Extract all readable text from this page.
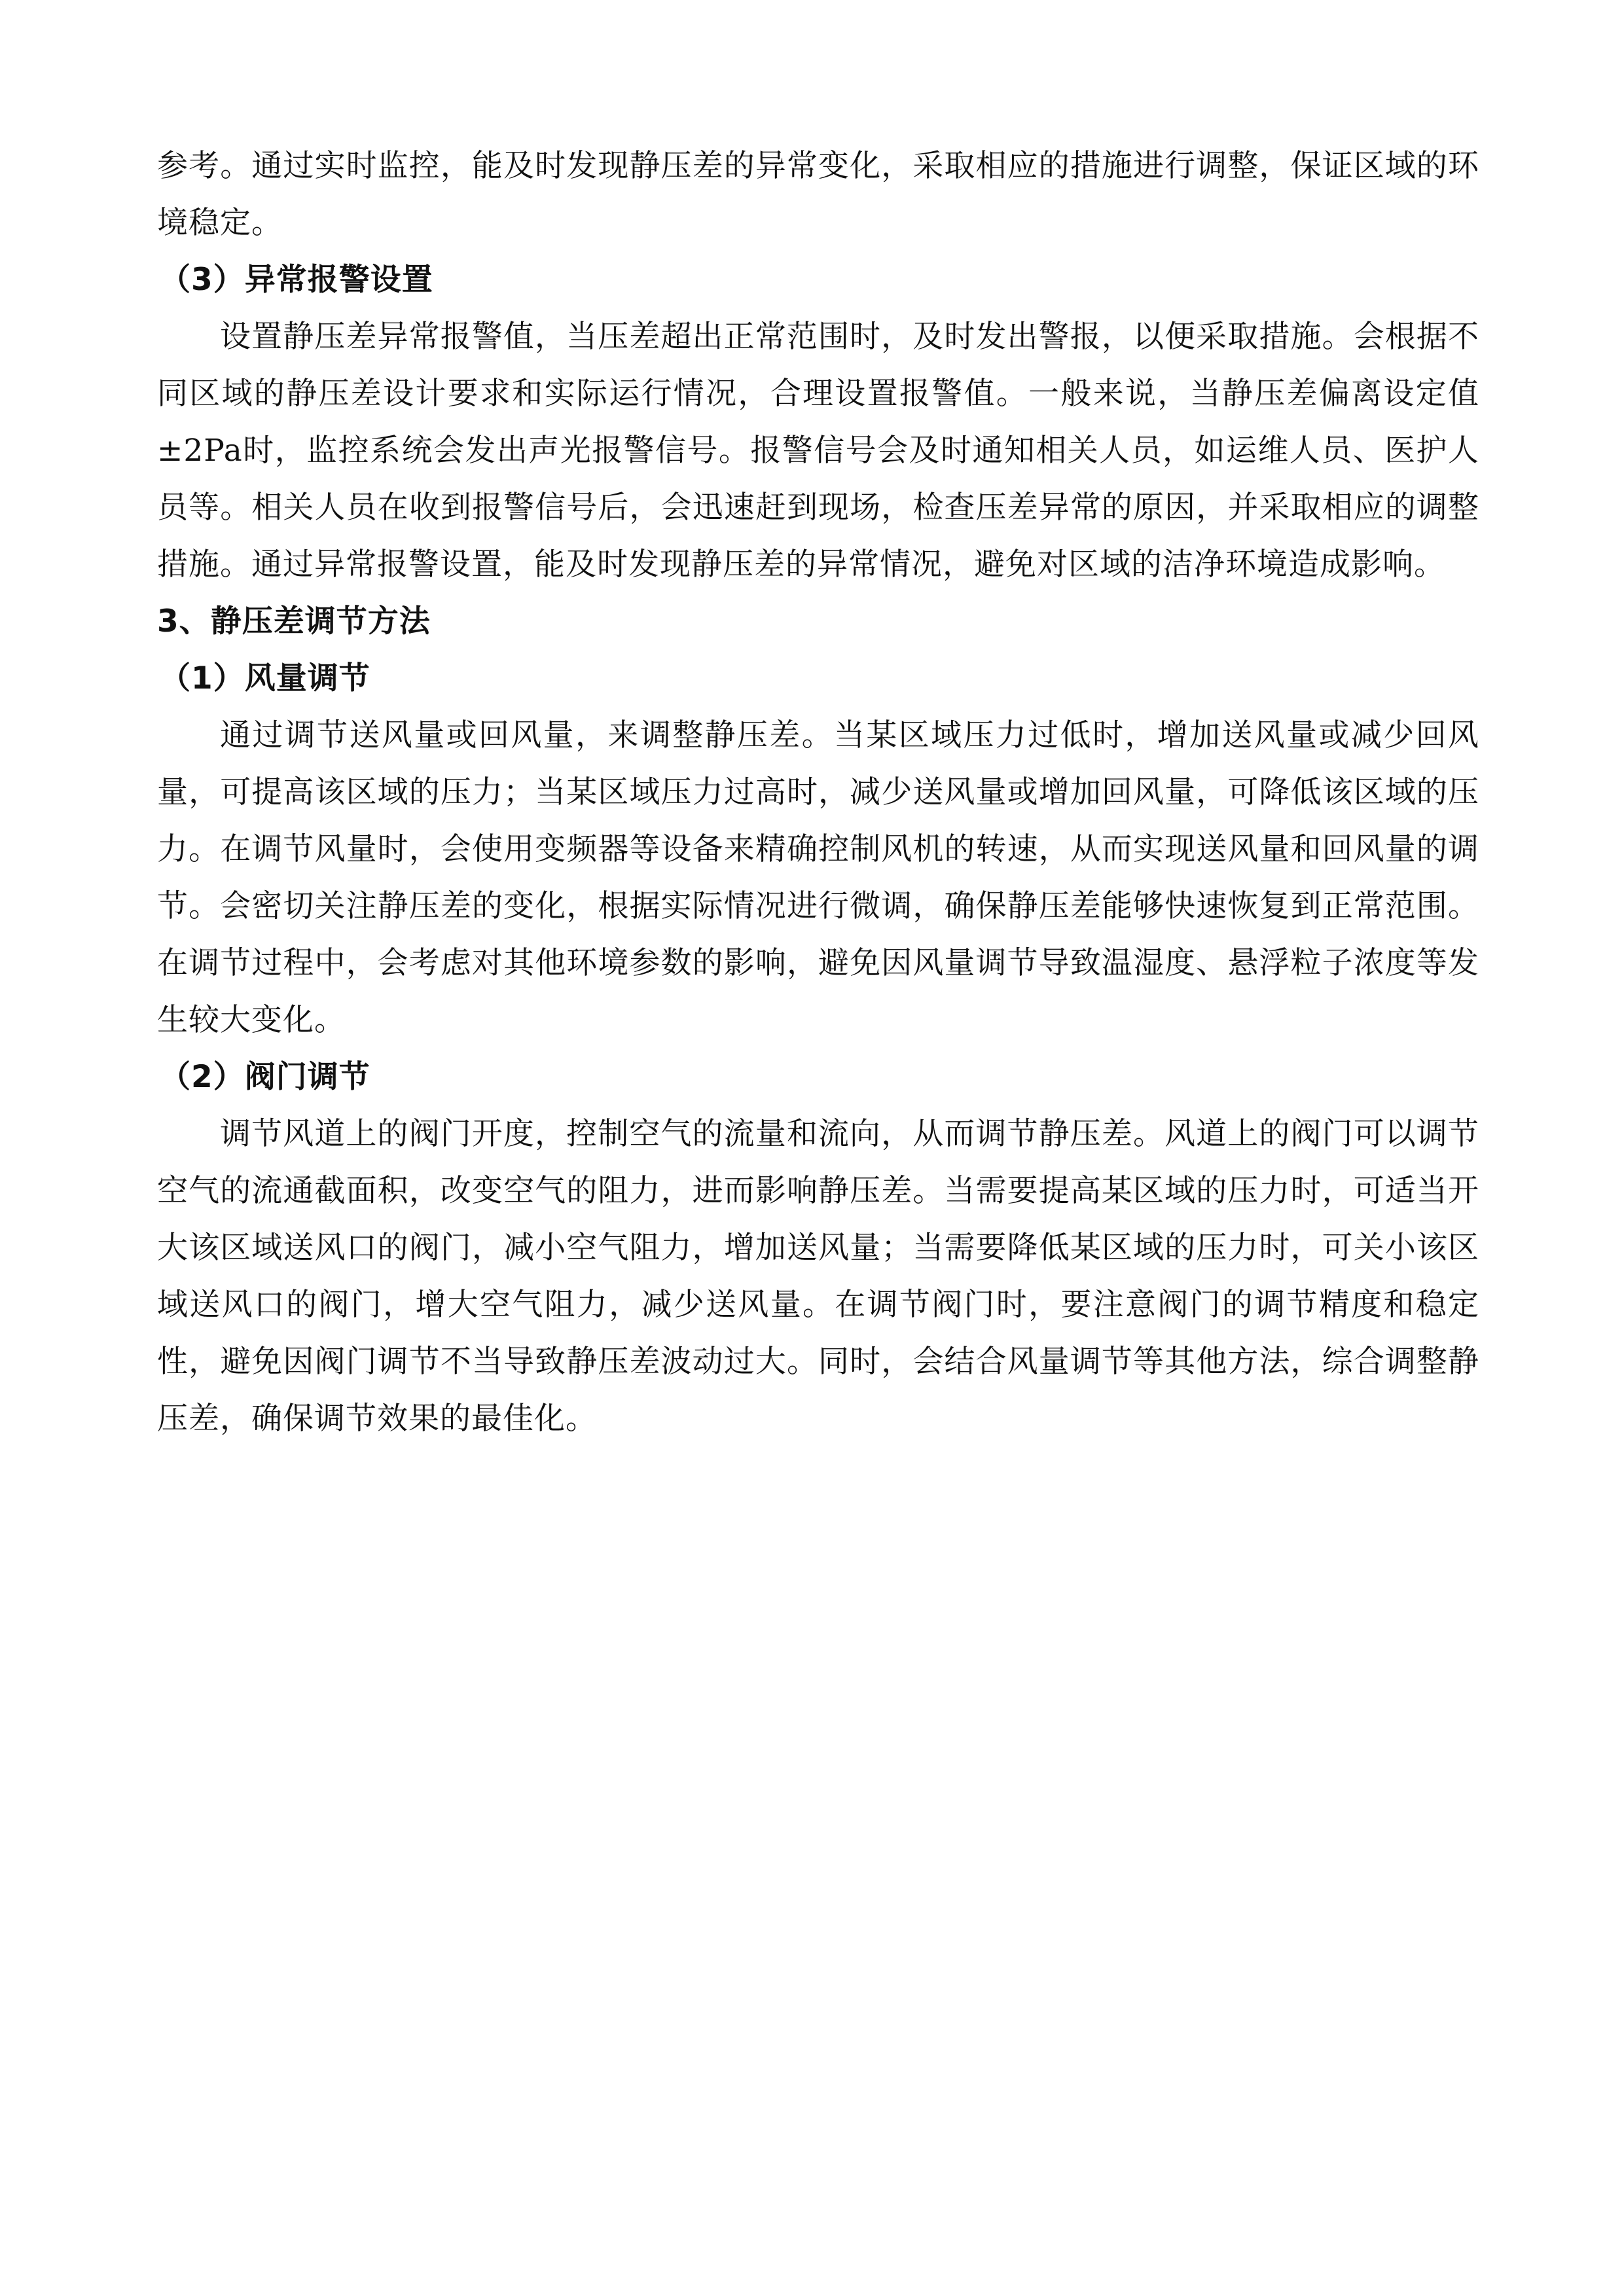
参考。通过实时监控，能及时发现静压差的异常变化，采取相应的措施进行调整，保证区域的环境稳定。

（3）异常报警设置

设置静压差异常报警值，当压差超出正常范围时，及时发出警报，以便采取措施。会根据不同区域的静压差设计要求和实际运行情况，合理设置报警值。一般来说，当静压差偏离设定值±2Pa时，监控系统会发出声光报警信号。报警信号会及时通知相关人员，如运维人员、医护人员等。相关人员在收到报警信号后，会迅速赶到现场，检查压差异常的原因，并采取相应的调整措施。通过异常报警设置，能及时发现静压差的异常情况，避免对区域的洁净环境造成影响。

3、静压差调节方法

（1）风量调节

通过调节送风量或回风量，来调整静压差。当某区域压力过低时，增加送风量或减少回风量，可提高该区域的压力；当某区域压力过高时，减少送风量或增加回风量，可降低该区域的压力。在调节风量时，会使用变频器等设备来精确控制风机的转速，从而实现送风量和回风量的调节。会密切关注静压差的变化，根据实际情况进行微调，确保静压差能够快速恢复到正常范围。在调节过程中，会考虑对其他环境参数的影响，避免因风量调节导致温湿度、悬浮粒子浓度等发生较大变化。

（2）阀门调节

调节风道上的阀门开度，控制空气的流量和流向，从而调节静压差。风道上的阀门可以调节空气的流通截面积，改变空气的阻力，进而影响静压差。当需要提高某区域的压力时，可适当开大该区域送风口的阀门，减小空气阻力，增加送风量；当需要降低某区域的压力时，可关小该区域送风口的阀门，增大空气阻力，减少送风量。在调节阀门时，要注意阀门的调节精度和稳定性，避免因阀门调节不当导致静压差波动过大。同时，会结合风量调节等其他方法，综合调整静压差，确保调节效果的最佳化。
